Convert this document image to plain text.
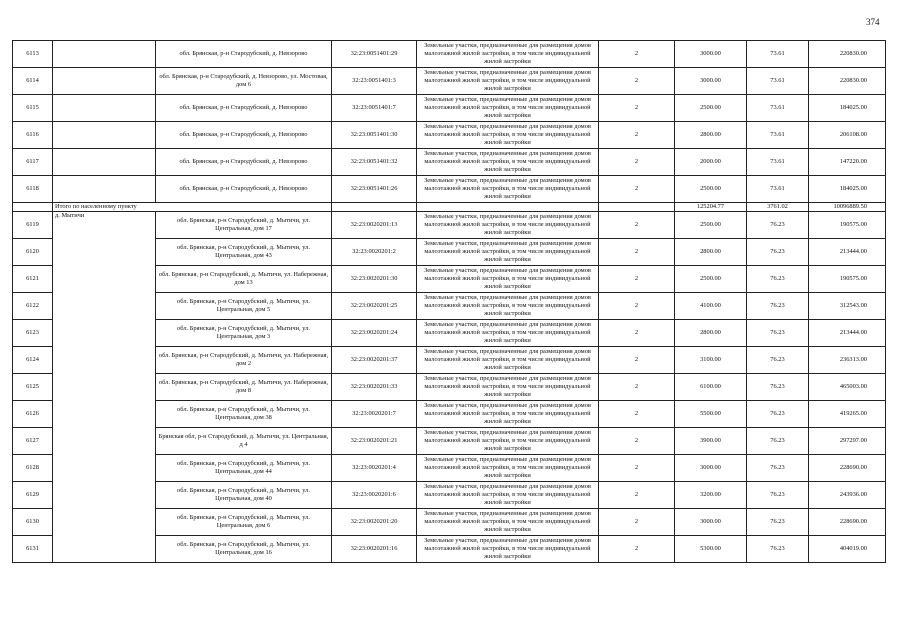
374
6113		обл. Брянская, р-н Стародубский, д. Невзорово	32:23:0051401:29	Земельные участки, предназначенные для размещения домов малоэтажной жилой застройки, в том числе индивидуальной жилой застройки	2	3000.00	73.61	220830.00
6114		обл. Брянская, р-н Стародубский, д. Невзорово, ул. Мостовая, дом 6	32:23:0051401:3	Земельные участки, предназначенные для размещения домов малоэтажной жилой застройки, в том числе индивидуальной жилой застройки	2	3000.00	73.61	220830.00
6115		обл. Брянская, р-н Стародубский, д. Невзорово	32:23:0051401:7	Земельные участки, предназначенные для размещения домов малоэтажной жилой застройки, в том числе индивидуальной жилой застройки	2	2500.00	73.61	184025.00
6116		обл. Брянская, р-н Стародубский, д. Невзорово	32:23:0051401:30	Земельные участки, предназначенные для размещения домов малоэтажной жилой застройки, в том числе индивидуальной жилой застройки	2	2800.00	73.61	206108.00
6117		обл. Брянская, р-н Стародубский, д. Невзорово	32:23:0051401:32	Земельные участки, предназначенные для размещения домов малоэтажной жилой застройки, в том числе индивидуальной жилой застройки	2	2000.00	73.61	147220.00
6118		обл. Брянская, р-н Стародубский, д. Невзорово	32:23:0051401:26	Земельные участки, предназначенные для размещения домов малоэтажной жилой застройки, в том числе индивидуальной жилой застройки	2	2500.00	73.61	184025.00
	Итого по населенному пункту					125204.77	3761.02	10096889.50
6119	д. Мытичи	обл. Брянская, р-н Стародубский, д. Мытичи, ул. Центральная, дом 17	32:23:0020201:13	Земельные участки, предназначенные для размещения домов малоэтажной жилой застройки, в том числе индивидуальной жилой застройки	2	2500.00	76.23	190575.00
6120		обл. Брянская, р-н Стародубский, д. Мытичи, ул. Центральная, дом 43	32:23:0020201:2	Земельные участки, предназначенные для размещения домов малоэтажной жилой застройки, в том числе индивидуальной жилой застройки	2	2800.00	76.23	213444.00
6121		обл. Брянская, р-н Стародубский, д. Мытичи, ул. Набережная, дом 13	32:23:0020201:30	Земельные участки, предназначенные для размещения домов малоэтажной жилой застройки, в том числе индивидуальной жилой застройки	2	2500.00	76.23	190575.00
6122		обл. Брянская, р-н Стародубский, д. Мытичи, ул. Центральная, дом 5	32:23:0020201:25	Земельные участки, предназначенные для размещения домов малоэтажной жилой застройки, в том числе индивидуальной жилой застройки	2	4100.00	76.23	312543.00
6123		обл. Брянская, р-н Стародубский, д. Мытичи, ул. Центральная, дом 3	32:23:0020201:24	Земельные участки, предназначенные для размещения домов малоэтажной жилой застройки, в том числе индивидуальной жилой застройки	2	2800.00	76.23	213444.00
6124		обл. Брянская, р-н Стародубский, д. Мытичи, ул. Набережная, дом 2	32:23:0020201:37	Земельные участки, предназначенные для размещения домов малоэтажной жилой застройки, в том числе индивидуальной жилой застройки	2	3100.00	76.23	236313.00
6125		обл. Брянская, р-н Стародубский, д. Мытичи, ул. Набережная, дом 8	32:23:0020201:33	Земельные участки, предназначенные для размещения домов малоэтажной жилой застройки, в том числе индивидуальной жилой застройки	2	6100.00	76.23	465003.00
6126		обл. Брянская, р-н Стародубский, д. Мытичи, ул. Центральная, дом 38	32:23:0020201:7	Земельные участки, предназначенные для размещения домов малоэтажной жилой застройки, в том числе индивидуальной жилой застройки	2	5500.00	76.23	419265.00
6127		Брянская обл, р-н Стародубский, д. Мытичи, ул. Центральная, д 4	32:23:0020201:21	Земельные участки, предназначенные для размещения домов малоэтажной жилой застройки, в том числе индивидуальной жилой застройки	2	3900.00	76.23	297297.00
6128		обл. Брянская, р-н Стародубский, д. Мытичи, ул. Центральная, дом 44	32:23:0020201:4	Земельные участки, предназначенные для размещения домов малоэтажной жилой застройки, в том числе индивидуальной жилой застройки	2	3000.00	76.23	228690.00
6129		обл. Брянская, р-н Стародубский, д. Мытичи, ул. Центральная, дом 40	32:23:0020201:6	Земельные участки, предназначенные для размещения домов малоэтажной жилой застройки, в том числе индивидуальной жилой застройки	2	3200.00	76.23	243936.00
6130		обл. Брянская, р-н Стародубский, д. Мытичи, ул. Центральная, дом 6	32:23:0020201:20	Земельные участки, предназначенные для размещения домов малоэтажной жилой застройки, в том числе индивидуальной жилой застройки	2	3000.00	76.23	228690.00
6131		обл. Брянская, р-н Стародубский, д. Мытичи, ул. Центральная, дом 16	32:23:0020201:16	Земельные участки, предназначенные для размещения домов малоэтажной жилой застройки, в том числе индивидуальной жилой застройки	2	5300.00	76.23	404019.00
